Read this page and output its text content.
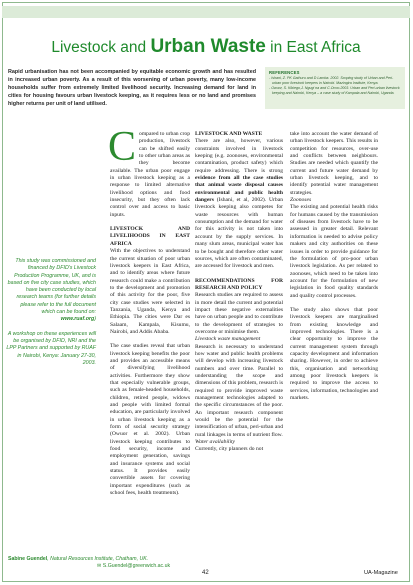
Livestock and Urban Waste in East Africa
Rapid urbanisation has not been accompanied by equitable economic growth and has resulted in increased urban poverty. As a result of this worsening of urban poverty, many low-income households suffer from extremely limited livelihood security. Increasing demand for land in cities for housing favours urban livestock keeping, as it requires less or no land and promises higher returns per unit of land utilised.
REFERENCES
- Ishani, Z. PK Gathuru and D Lamba. 2002. Scoping study of Urban and Peri-urban poor livestock keepers in Nairobi. Mazingira Institute, Kenya.
- Owuor, S. Kibiego,J. Ngugi na and C.Ocoo.2003. Urban and Peri-urban livestock keeping and Nairobi, Kenya – a case study of Kampala and Nairobi, Uganda.

This study was commissioned and financed by DFID's Livestock Production Programme, UK, and is based on five city case studies, which have been conducted by local research teams (for further details please refer to the full document which can be found on: www.ruaf.org)

A workshop on these experiences will be organised by DFID, NRI and the LPP Partners and supported by RUAF in Nairobi, Kenya: January 27-30, 2003.

C ompared to urban crop production, livestock can be shifted easily to other urban areas as they become available. The urban poor engage in urban livestock keeping as a response to limited alternative livelihood options and food insecurity, but they often lack control over and access to basic inputs.

LIVESTOCK AND LIVELIHOODS IN EAST AFRICA

With the objectives to understand the current situation of poor urban livestock keepers in East Africa, and to identify areas where future research could make a contribution to the development and promotion of this activity for the poor, five city case studies were selected in Tanzania, Uganda, Kenya and Ethiopia. The cities were Dar es Salaam, Kampala, Kisumu, Nairobi, and Addis Ababa.

The case studies reveal that urban livestock keeping benefits the poor and provides an accessible means of diversifying livelihood activities. Furthermore they show that especially vulnerable groups, such as female-headed households, children, retired people, widows and people with limited formal education, are particularly involved in urban livestock keeping as a form of social security strategy (Owuor et al. 2002). Urban livestock keeping contributes to food security, income and employment generation, savings and insurance systems and social status. It provides easily convertible assets for covering important expenditures (such as school fees, health treatments).

LIVESTOCK AND WASTE

There are also, however, various constraints involved in livestock keeping (e.g. zoonoses, environmental contamination, product safety) which require addressing. There is strong evidence from all the case studies that animal waste disposal causes environmental and public health dangers (Ishani, et al, 2002). Urban livestock keeping also competes for waste resources with human consumption and the demand for water for this activity is not taken into account by the supply services. In many slum areas, municipal water has to be bought and therefore other water sources, which are often contaminated, are accessed for livestock and men.

RECOMMENDATIONS FOR RESEARCH AND POLICY

Research studies are required to assess in more detail the current and potential impact these negative externalities have on urban people and to contribute to the development of strategies to overcome or minimise them.

Livestock waste management

Research is necessary to understand how water and public health problems will develop with increasing livestock numbers and over time. Parallel to understanding the scope and dimensions of this problem, research is required to provide improved waste management technologies adapted to the specific circumstances of the poor. An important research component would be the potential for the intensification of urban, peri-urban and rural linkages in terms of nutrient flow.

Water availability

Currently, city planners do not

take into account the water demand of urban livestock keepers. This results in competition for resources, over-use and conflicts between neighbours. Studies are needed which quantify the current and future water demand by urban livestock keeping, and to identify potential water management strategies.

Zoonoses

The existing and potential health risks for humans caused by the transmission of diseases from livestock have to be assessed in greater detail. Relevant information is needed to advise policy makers and city authorities on these issues in order to provide guidance for the formulation of pro-poor urban livestock legislation. As per related to zoonoses, which need to be taken into account for the formulation of new legislation in food quality standards and quality control processes.

The study also shows that poor livestock keepers are marginalised from existing knowledge and improved technologies. There is a clear opportunity to improve the current management system through capacity development and information sharing. However, in order to achieve this, organisation and networking among poor livestock keepers is required to improve the access to services, information, technologies and markets.

Sabine Guendel, Natural Resources Institute, Chatham, UK.
✉ S.Guendel@greenwich.ac.uk
42	UA-Magazine
